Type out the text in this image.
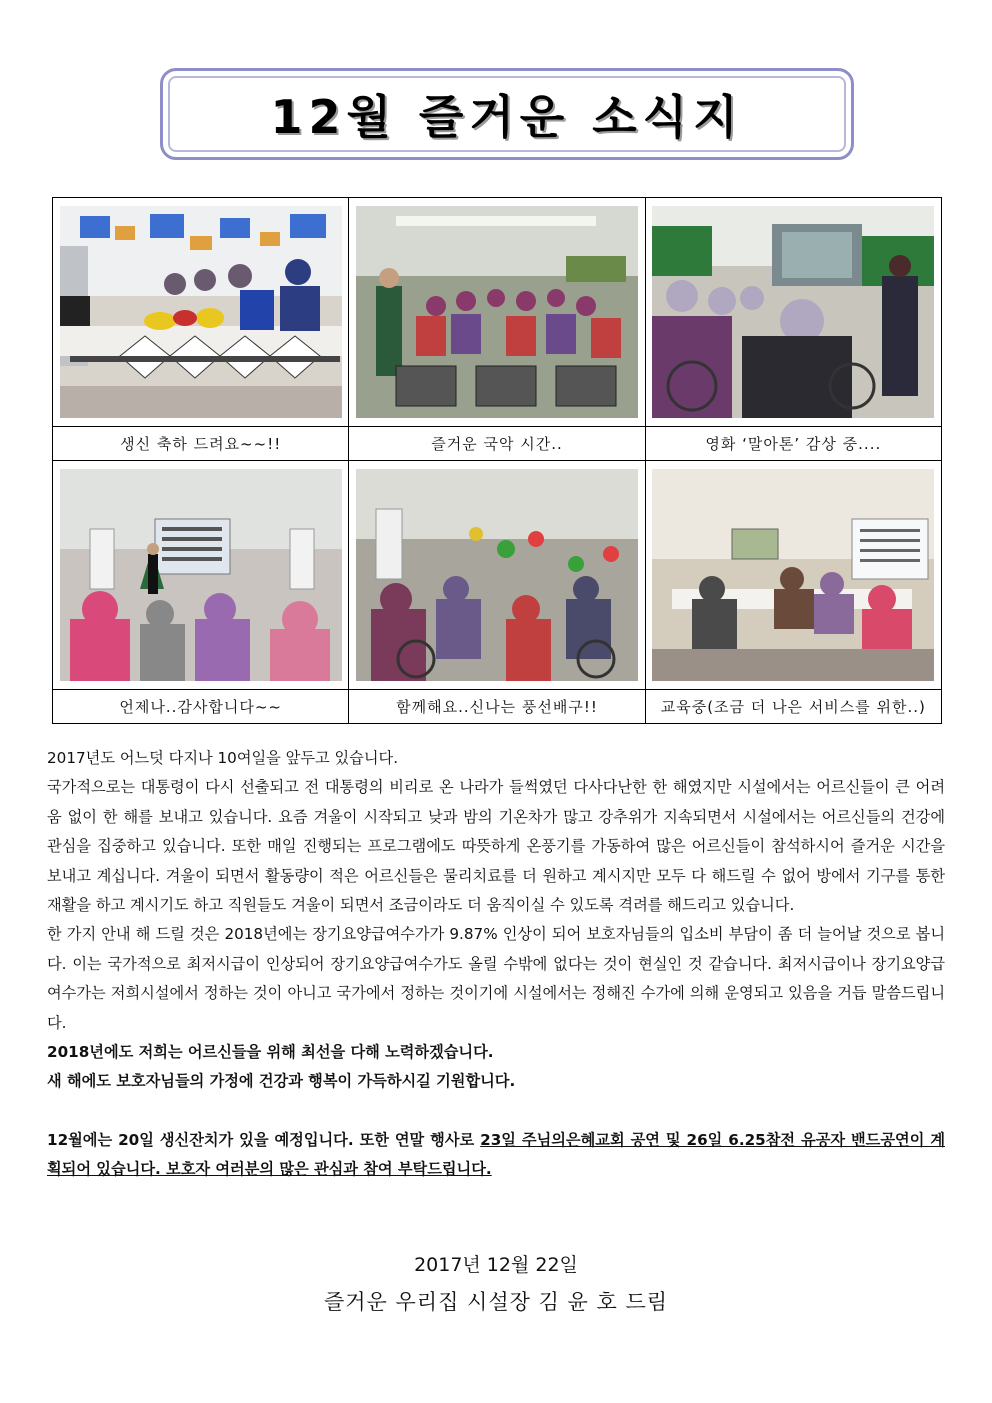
12월 즐거운 소식지

생신 축하 드려요~~!!	즐거운 국악 시간..	영화 ‘말아톤’ 감상 중....

언제나..감사합니다~~	함께해요..신나는 풍선배구!!	교육중(조금 더 나은 서비스를 위한..)

2017년도 어느덧 다지나 10여일을 앞두고 있습니다.

국가적으로는 대통령이 다시 선출되고 전 대통령의 비리로 온 나라가 들썩였던 다사다난한 한 해였지만 시설에서는 어르신들이 큰 어려움 없이 한 해를 보내고 있습니다. 요즘 겨울이 시작되고 낮과 밤의 기온차가 많고 강추위가 지속되면서 시설에서는 어르신들의 건강에 관심을 집중하고 있습니다. 또한 매일 진행되는 프로그램에도 따뜻하게 온풍기를 가동하여 많은 어르신들이 참석하시어 즐거운 시간을 보내고 계십니다. 겨울이 되면서 활동량이 적은 어르신들은 물리치료를 더 원하고 계시지만 모두 다 해드릴 수 없어 방에서 기구를 통한 재활을 하고 계시기도 하고 직원들도 겨울이 되면서 조금이라도 더 움직이실 수 있도록 격려를 해드리고 있습니다.

한 가지 안내 해 드릴 것은 2018년에는 장기요양급여수가가 9.87% 인상이 되어 보호자님들의 입소비 부담이 좀 더 늘어날 것으로 봅니다. 이는 국가적으로 최저시급이 인상되어 장기요양급여수가도 올릴 수밖에 없다는 것이 현실인 것 같습니다. 최저시급이나 장기요양급여수가는 저희시설에서 정하는 것이 아니고 국가에서 정하는 것이기에 시설에서는 정해진 수가에 의해 운영되고 있음을 거듭 말씀드립니다.

2018년에도 저희는 어르신들을 위해 최선을 다해 노력하겠습니다.

새 해에도 보호자님들의 가정에 건강과 행복이 가득하시길 기원합니다.

12월에는 20일 생신잔치가 있을 예정입니다. 또한 연말 행사로 23일 주님의은혜교회 공연 및 26일 6.25참전 유공자 밴드공연이 계획되어 있습니다. 보호자 여러분의 많은 관심과 참여 부탁드립니다.

2017년 12월 22일
즐거운 우리집 시설장 김 윤 호 드림
